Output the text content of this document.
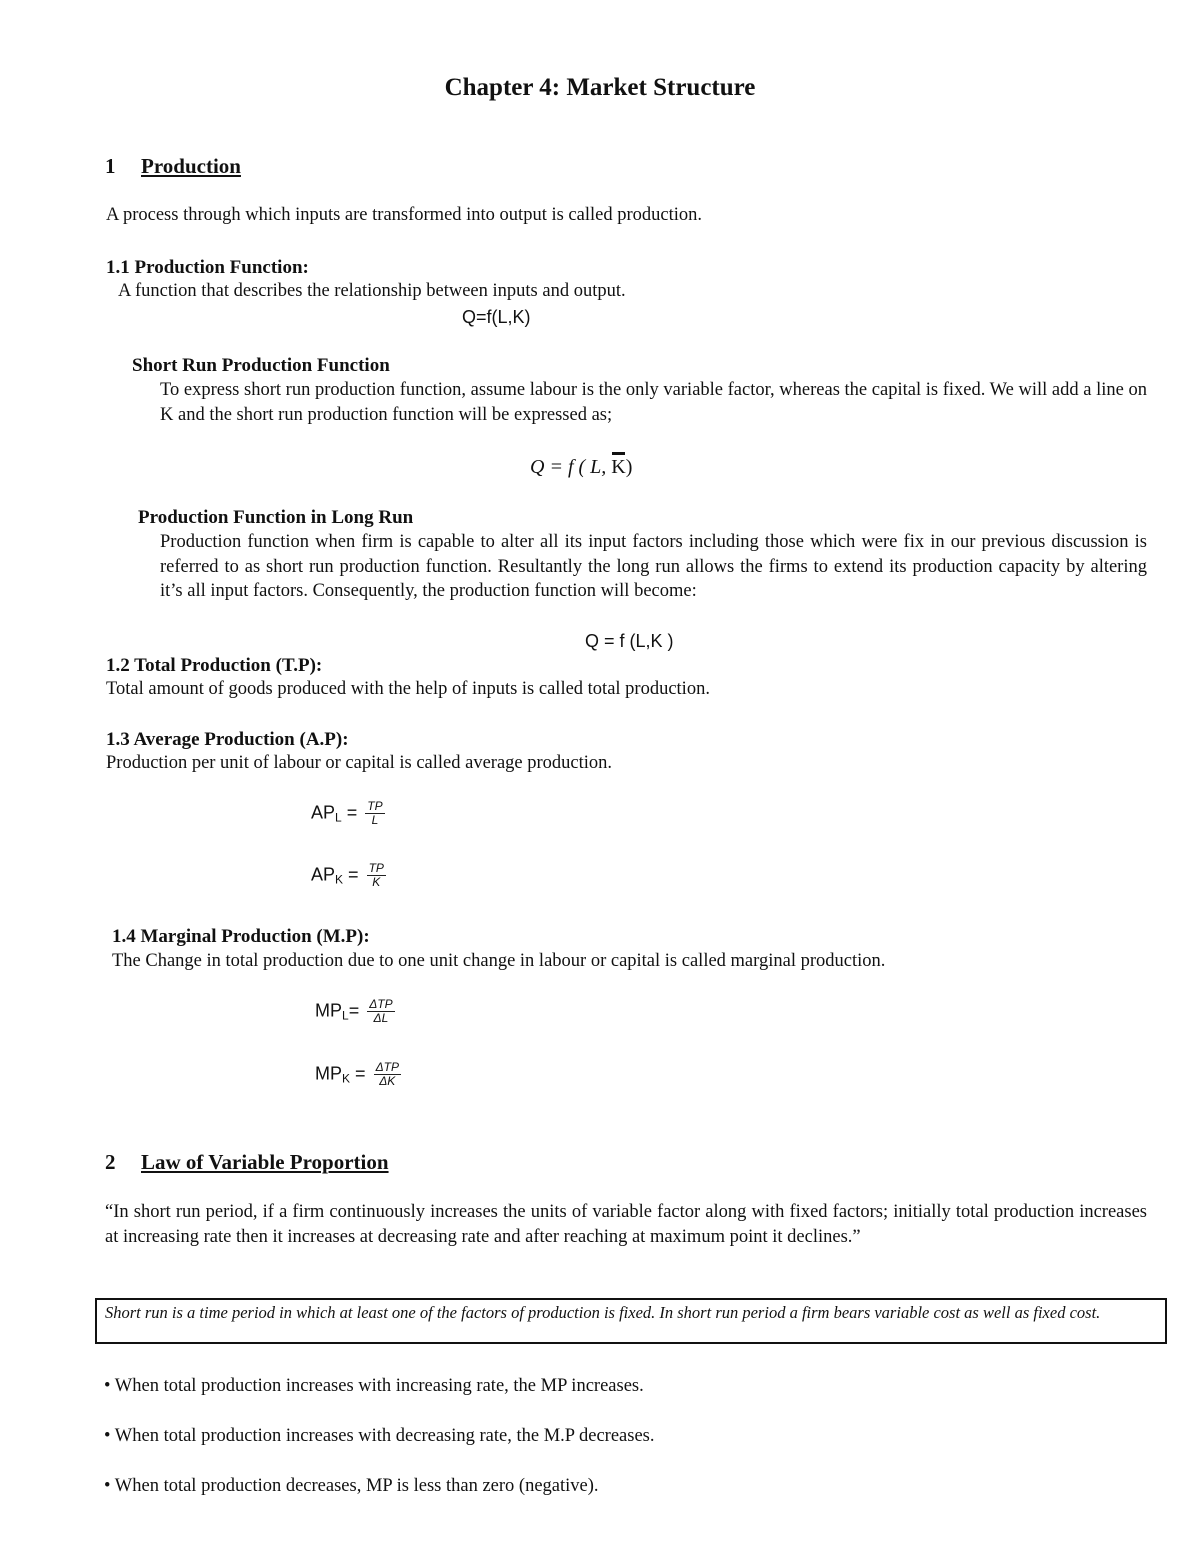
Chapter 4: Market Structure
1 Production
A process through which inputs are transformed into output is called production.
1.1 Production Function:
A function that describes the relationship between inputs and output.
Q=f(L,K)
Short Run Production Function
To express short run production function, assume labour is the only variable factor, whereas the capital is fixed. We will add a line on K and the short run production function will be expressed as;
Q = f ( L, K)
Production Function in Long Run
Production function when firm is capable to alter all its input factors including those which were fix in our previous discussion is referred to as short run production function. Resultantly the long run allows the firms to extend its production capacity by altering it’s all input factors. Consequently, the production function will become:
Q = f (L,K )
1.2 Total Production (T.P):
Total amount of goods produced with the help of inputs is called total production.
1.3 Average Production (A.P):
Production per unit of labour or capital is called average production.
$AP_L = \frac{TP}{L}$
$AP_K = \frac{TP}{K}$
1.4 Marginal Production (M.P):
The Change in total production due to one unit change in labour or capital is called marginal production.
$MP_L= \frac{\text{ΔTP}}{\Delta L}$
$MP_K = \frac{\text{ΔTP}}{\Delta K}$
2 Law of Variable Proportion
“In short run period, if a firm continuously increases the units of variable factor along with fixed factors; initially total production increases at increasing rate then it increases at decreasing rate and after reaching at maximum point it declines.”
Short run is a time period in which at least one of the factors of production is fixed. In short run period a firm bears variable cost as well as fixed cost.
• When total production increases with increasing rate, the MP increases.
• When total production increases with decreasing rate, the M.P decreases.
• When total production decreases, MP is less than zero (negative).
